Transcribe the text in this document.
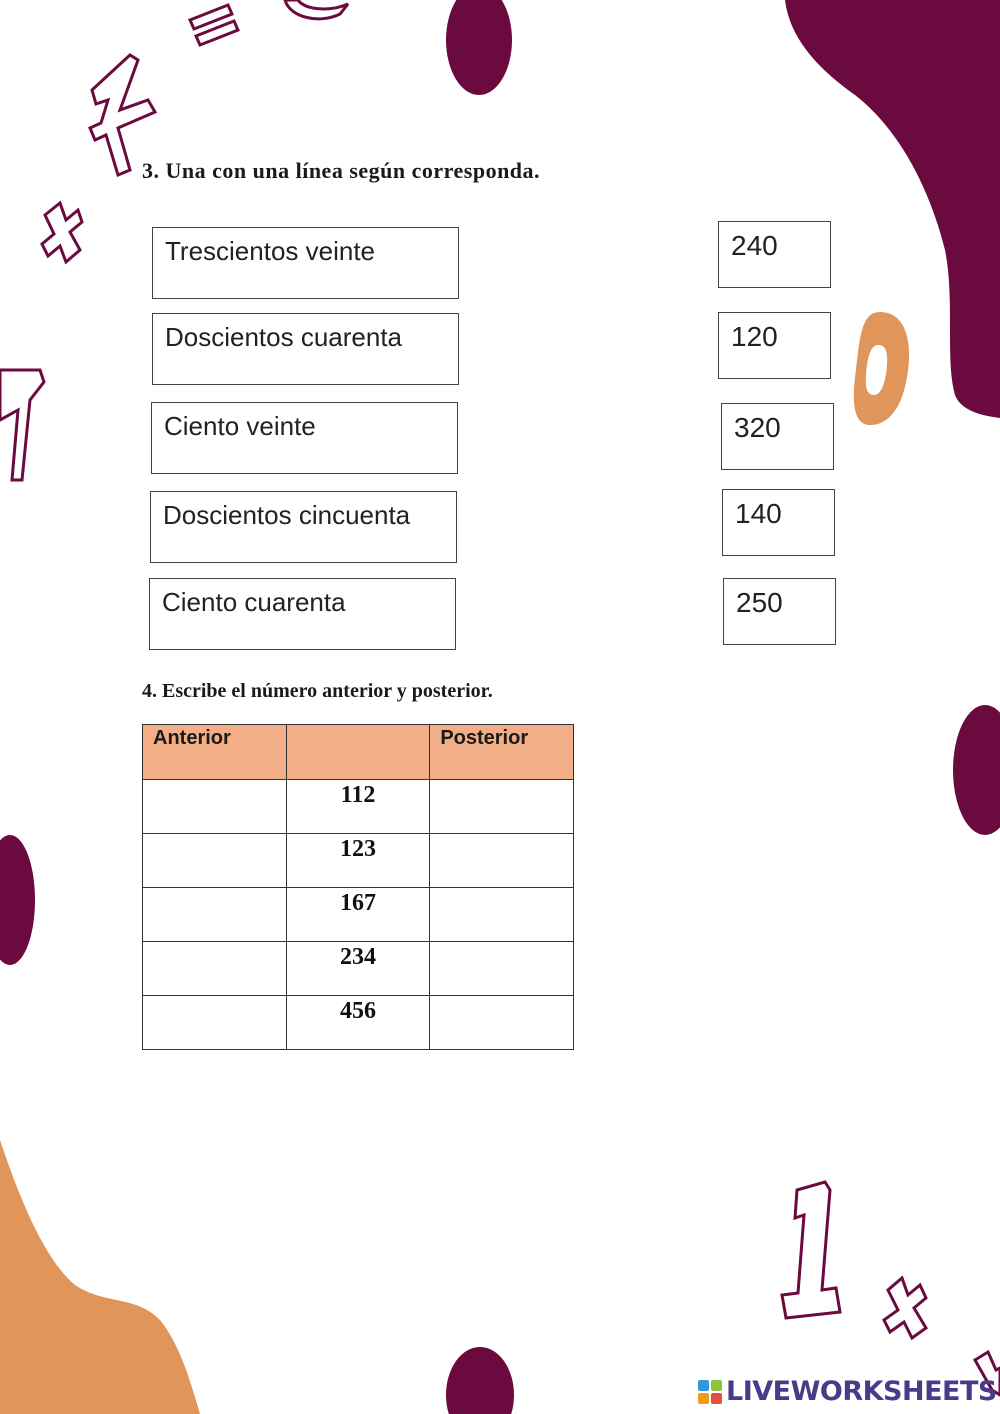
3. Una con una línea según corresponda.
Trescientos veinte
Doscientos cuarenta
Ciento veinte
Doscientos cincuenta
Ciento cuarenta
240
120
320
140
250
4. Escribe el número anterior y posterior.
Anterior		Posterior
	112	
	123	
	167	
	234	
	456	
LIVEWORKSHEETS
